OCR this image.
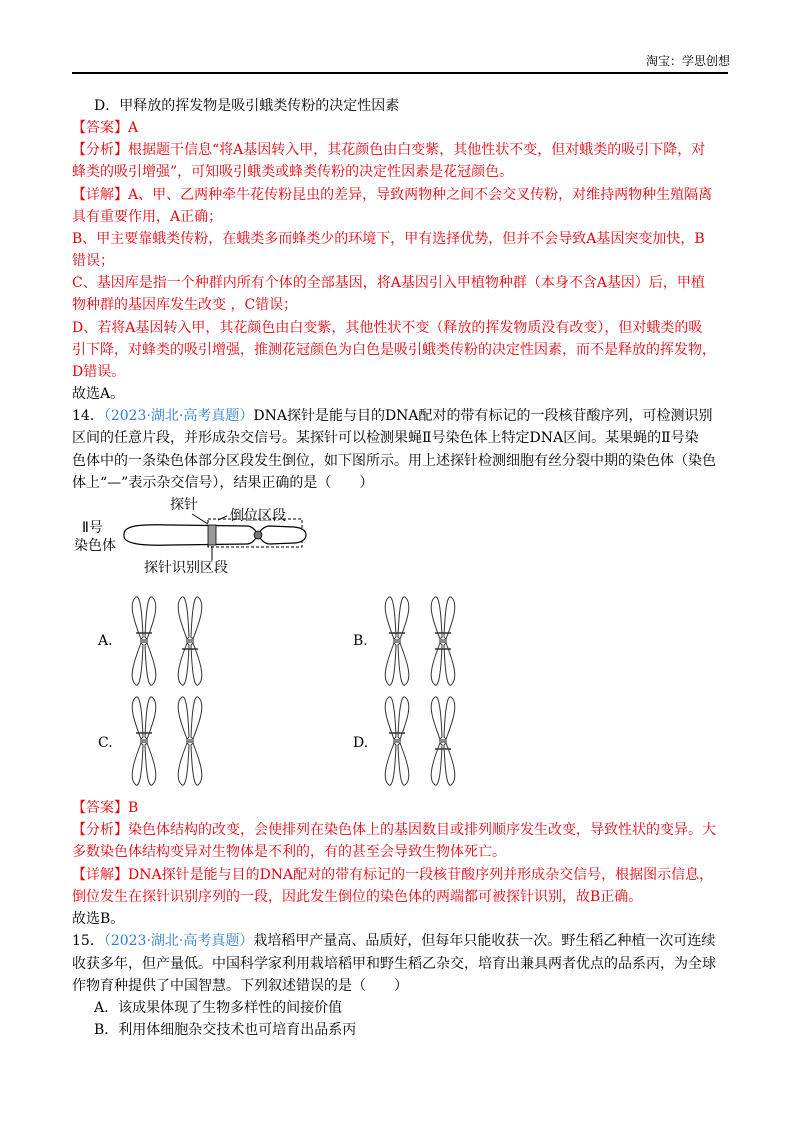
淘宝：学思创想
D．甲释放的挥发物是吸引蛾类传粉的决定性因素
【答案】A
【分析】根据题干信息“将A基因转入甲，其花颜色由白变紫，其他性状不变，但对蛾类的吸引下降，对
蜂类的吸引增强”，可知吸引蛾类或蜂类传粉的决定性因素是花冠颜色。
【详解】A、甲、乙两种牵牛花传粉昆虫的差异，导致两物种之间不会交叉传粉，对维持两物种生殖隔离
具有重要作用，A正确；
B、甲主要靠蛾类传粉，在蛾类多而蜂类少的环境下，甲有选择优势，但并不会导致A基因突变加快，B
错误；
C、基因库是指一个种群内所有个体的全部基因，将A基因引入甲植物种群（本身不含A基因）后，甲植
物种群的基因库发生改变 ，C错误；
D、若将A基因转入甲，其花颜色由白变紫，其他性状不变（释放的挥发物质没有改变），但对蛾类的吸
引下降，对蜂类的吸引增强，推测花冠颜色为白色是吸引蛾类传粉的决定性因素，而不是释放的挥发物，
D错误。
故选A。
14．（2023·湖北·高考真题）DNA探针是能与目的DNA配对的带有标记的一段核苷酸序列，可检测识别
区间的任意片段，并形成杂交信号。某探针可以检测果蝇Ⅱ号染色体上特定DNA区间。某果蝇的Ⅱ号染
色体中的一条染色体部分区段发生倒位，如下图所示。用上述探针检测细胞有丝分裂中期的染色体（染色
体上“—”表示杂交信号），结果正确的是（　　）
Ⅱ号
染色体
探针
倒位区段
探针识别区段
A.	B.
C.	D.
【答案】B
【分析】染色体结构的改变，会使排列在染色体上的基因数目或排列顺序发生改变，导致性状的变异。大
多数染色体结构变异对生物体是不利的，有的甚至会导致生物体死亡。
【详解】DNA探针是能与目的DNA配对的带有标记的一段核苷酸序列并形成杂交信号，根据图示信息，
倒位发生在探针识别序列的一段，因此发生倒位的染色体的两端都可被探针识别，故B正确。
故选B。
15．（2023·湖北·高考真题）栽培稻甲产量高、品质好，但每年只能收获一次。野生稻乙种植一次可连续
收获多年，但产量低。中国科学家利用栽培稻甲和野生稻乙杂交，培育出兼具两者优点的品系丙，为全球
作物育种提供了中国智慧。下列叙述错误的是（　　）
A．该成果体现了生物多样性的间接价值
B．利用体细胞杂交技术也可培育出品系丙
